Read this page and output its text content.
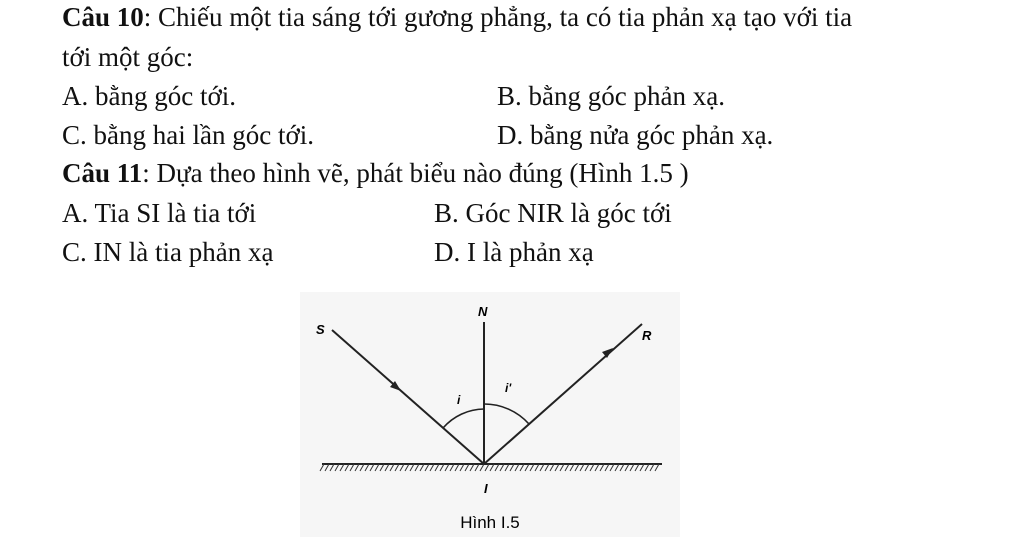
Câu 10: Chiếu một tia sáng tới gương phẳng, ta có tia phản xạ tạo với tia
tới một góc:
A. bằng góc tới.	B. bằng góc phản xạ.
C. bằng hai lần góc tới.	D. bằng nửa góc phản xạ.
Câu 11: Dựa theo hình vẽ, phát biểu nào đúng (Hình 1.5 )
A. Tia SI là tia tới	B. Góc NIR là góc tới
C. IN là tia phản xạ	D. I là phản xạ
S
N
R
i
i'
I
Hình I.5
